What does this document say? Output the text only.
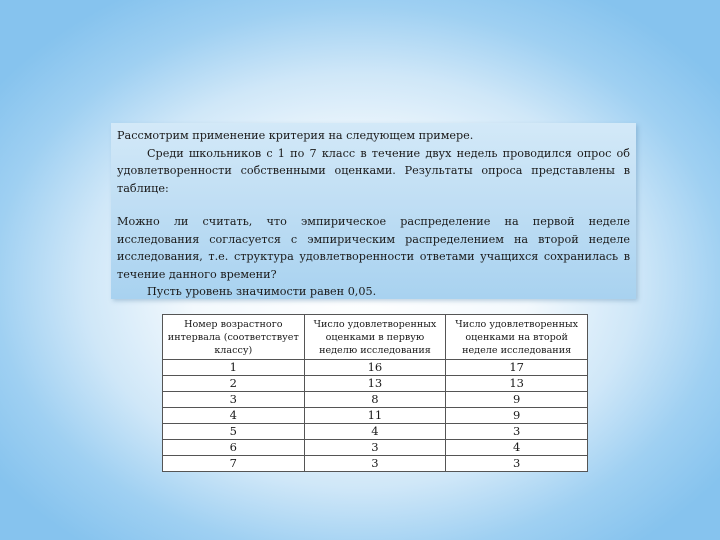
Рассмотрим применение критерия на следующем примере.

Среди школьников с 1 по 7 класс в течение двух недель проводился опрос об удовлетворенности собственными оценками. Результаты опроса представлены в таблице:

Можно ли считать, что эмпирическое распределение на первой неделе исследования согласуется с эмпирическим распределением на второй неделе исследования, т.е. структура удовлетворенности ответами учащихся сохранилась в течение данного времени?

Пусть уровень значимости равен 0,05.

Номер возрастного интервала (соответствует классу)	Число удовлетворенных оценками в первую неделю исследования	Число удовлетворенных оценками на второй неделе исследования
1	16	17
2	13	13
3	8	9
4	11	9
5	4	3
6	3	4
7	3	3
